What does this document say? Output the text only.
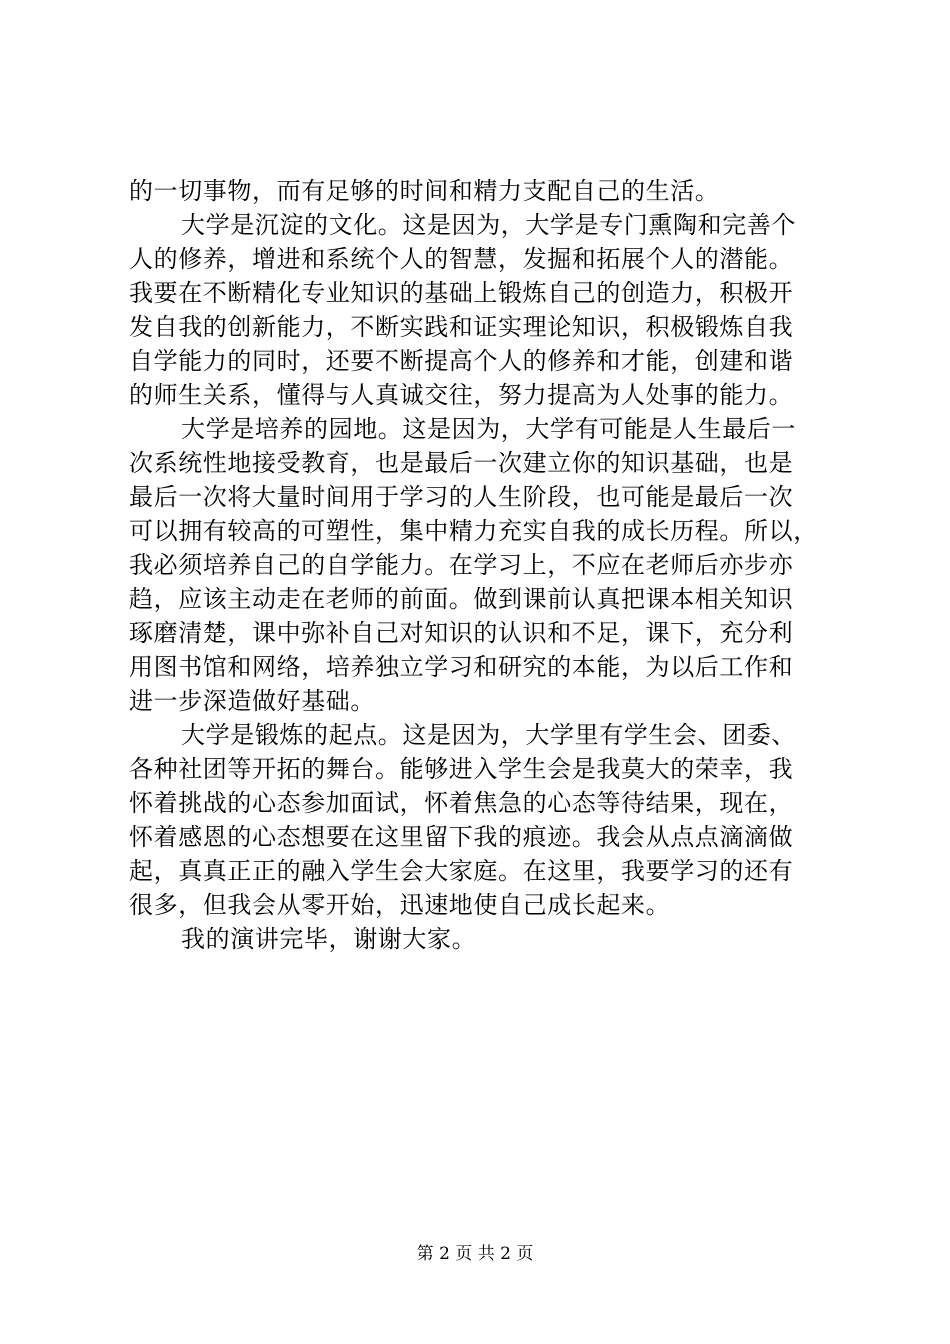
的一切事物，而有足够的时间和精力支配自己的生活。
大学是沉淀的文化。这是因为，大学是专门熏陶和完善个
人的修养，增进和系统个人的智慧，发掘和拓展个人的潜能。
我要在不断精化专业知识的基础上锻炼自己的创造力，积极开
发自我的创新能力，不断实践和证实理论知识，积极锻炼自我
自学能力的同时，还要不断提高个人的修养和才能，创建和谐
的师生关系，懂得与人真诚交往，努力提高为人处事的能力。
大学是培养的园地。这是因为，大学有可能是人生最后一
次系统性地接受教育，也是最后一次建立你的知识基础，也是
最后一次将大量时间用于学习的人生阶段，也可能是最后一次
可以拥有较高的可塑性，集中精力充实自我的成长历程。所以，
我必须培养自己的自学能力。在学习上，不应在老师后亦步亦
趋，应该主动走在老师的前面。做到课前认真把课本相关知识
琢磨清楚，课中弥补自己对知识的认识和不足，课下，充分利
用图书馆和网络，培养独立学习和研究的本能，为以后工作和
进一步深造做好基础。
大学是锻炼的起点。这是因为，大学里有学生会、团委、
各种社团等开拓的舞台。能够进入学生会是我莫大的荣幸，我
怀着挑战的心态参加面试，怀着焦急的心态等待结果，现在，
怀着感恩的心态想要在这里留下我的痕迹。我会从点点滴滴做
起，真真正正的融入学生会大家庭。在这里，我要学习的还有
很多，但我会从零开始，迅速地使自己成长起来。
我的演讲完毕，谢谢大家。
第 2 页 共 2 页
